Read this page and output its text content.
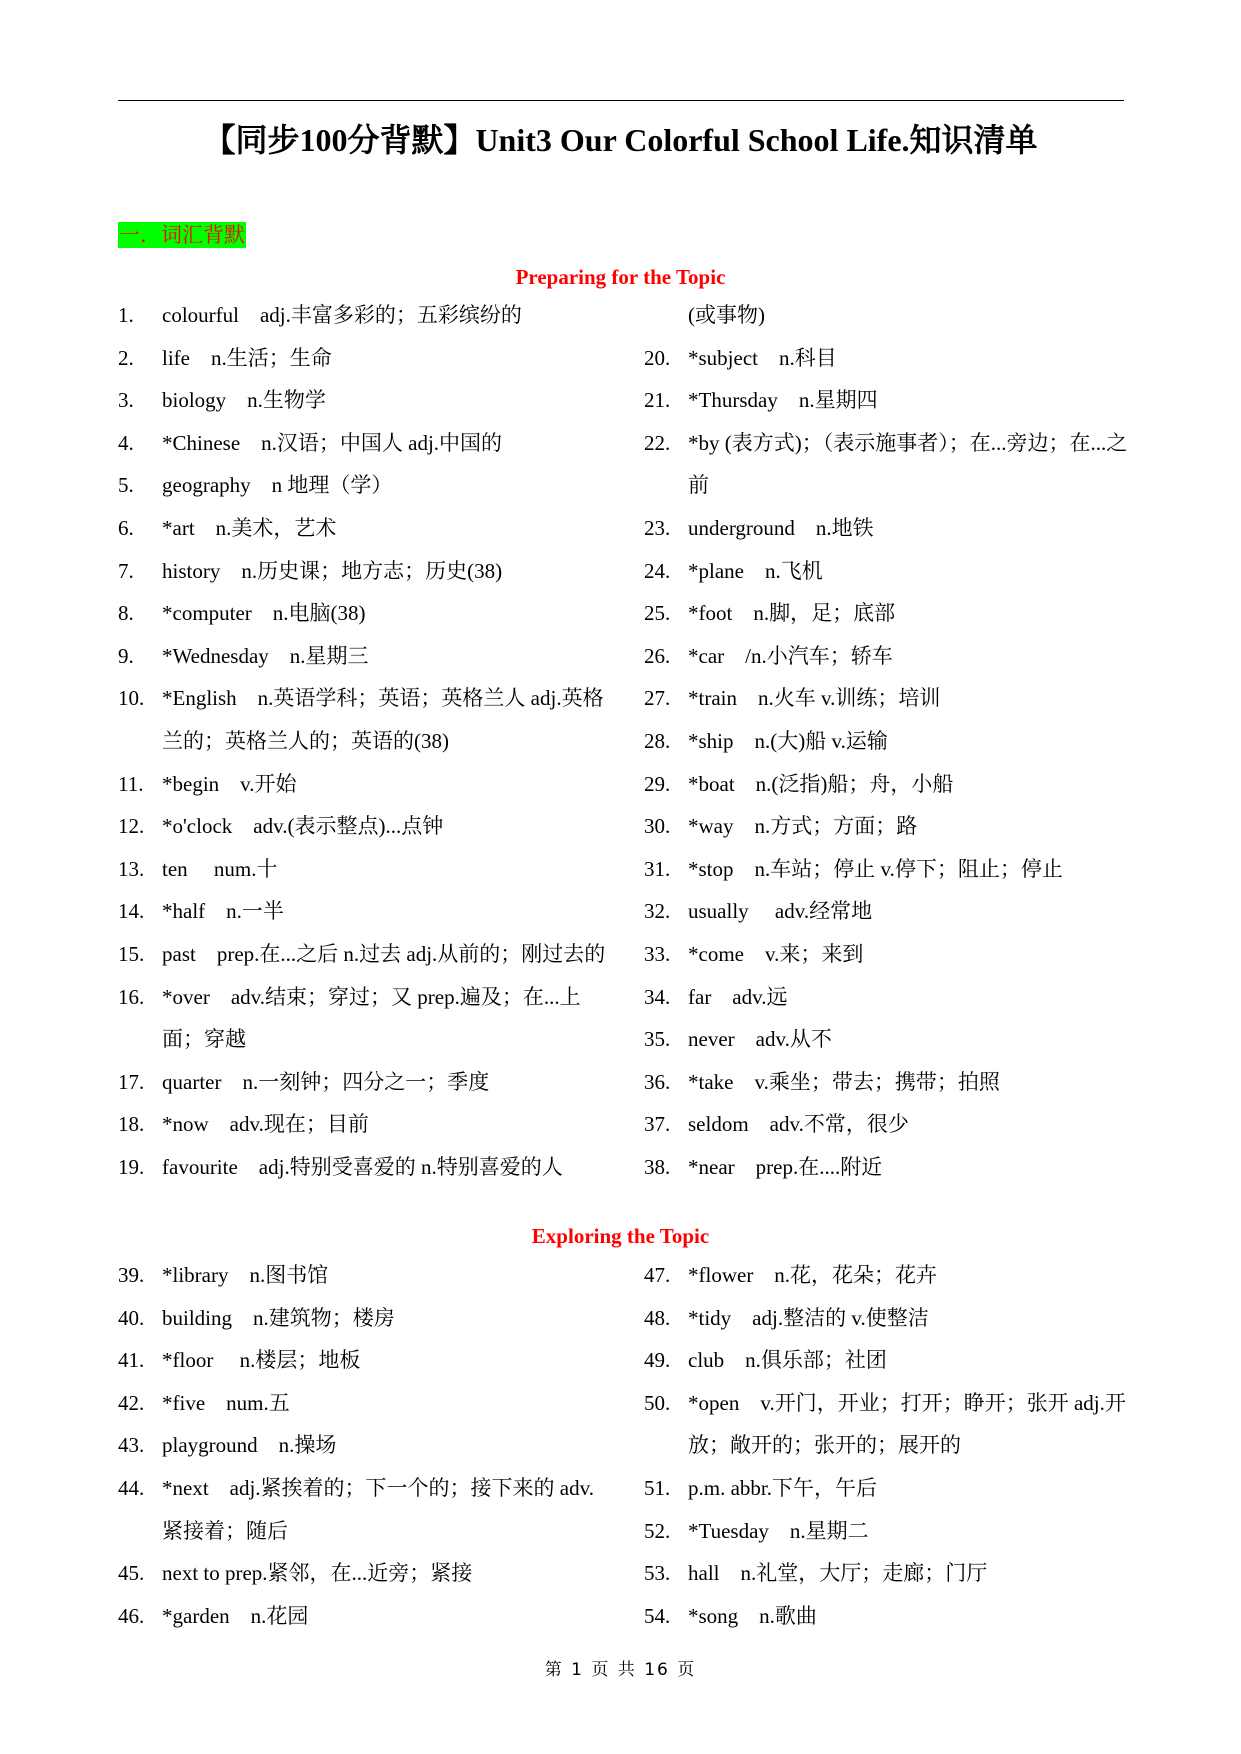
【同步100分背默】Unit3 Our Colorful School Life.知识清单
一．词汇背默
Preparing for the Topic
1.	colourful　adj.丰富多彩的；五彩缤纷的
2.	life　n.生活；生命
3.	biology　n.生物学
4.	*Chinese　n.汉语；中国人 adj.中国的
5.	geography　n 地理（学）
6.	*art　n.美术，艺术
7.	history　n.历史课；地方志；历史(38)
8.	*computer　n.电脑(38)
9.	*Wednesday　n.星期三
10. *English　n.英语学科；英语；英格兰人 adj.英格兰的；英格兰人的；英语的(38)
11. *begin　v.开始
12. *o'clock　adv.(表示整点)...点钟
13. ten　 num.十
14. *half　n.一半
15. past　prep.在...之后 n.过去 adj.从前的；刚过去的
16. *over　adv.结束；穿过；又 prep.遍及；在...上面；穿越
17. quarter　n.一刻钟；四分之一；季度
18. *now　adv.现在；目前
19. favourite　adj.特别受喜爱的 n.特别喜爱的人
(或事物)
20. *subject　n.科目
21. *Thursday　n.星期四
22. *by (表方式)；（表示施事者）；在...旁边；在...之前
23. underground　n.地铁
24. *plane　n.飞机
25. *foot　n.脚，足；底部
26. *car　/n.小汽车；轿车
27. *train　n.火车 v.训练；培训
28. *ship　n.(大)船 v.运输
29. *boat　n.(泛指)船；舟，小船
30. *way　n.方式；方面；路
31. *stop　n.车站；停止 v.停下；阻止；停止
32. usually　 adv.经常地
33. *come　v.来；来到
34. far　adv.远
35. never　adv.从不
36. *take　v.乘坐；带去；携带；拍照
37. seldom　adv.不常，很少
38. *near　prep.在....附近
Exploring the Topic
39. *library　n.图书馆
40. building　n.建筑物；楼房
41. *floor　 n.楼层；地板
42. *five　num.五
43. playground　n.操场
44. *next　adj.紧挨着的；下一个的；接下来的 adv.紧接着；随后
45. next to prep.紧邻，在...近旁；紧接
46. *garden　n.花园
47. *flower　n.花，花朵；花卉
48. *tidy　adj.整洁的 v.使整洁
49. club　n.俱乐部；社团
50. *open　v.开门，开业；打开；睁开；张开 adj.开放；敞开的；张开的；展开的
51. p.m. abbr.下午，午后
52. *Tuesday　n.星期二
53. hall　n.礼堂，大厅；走廊；门厅
54. *song　n.歌曲
第 1 页 共 16 页
